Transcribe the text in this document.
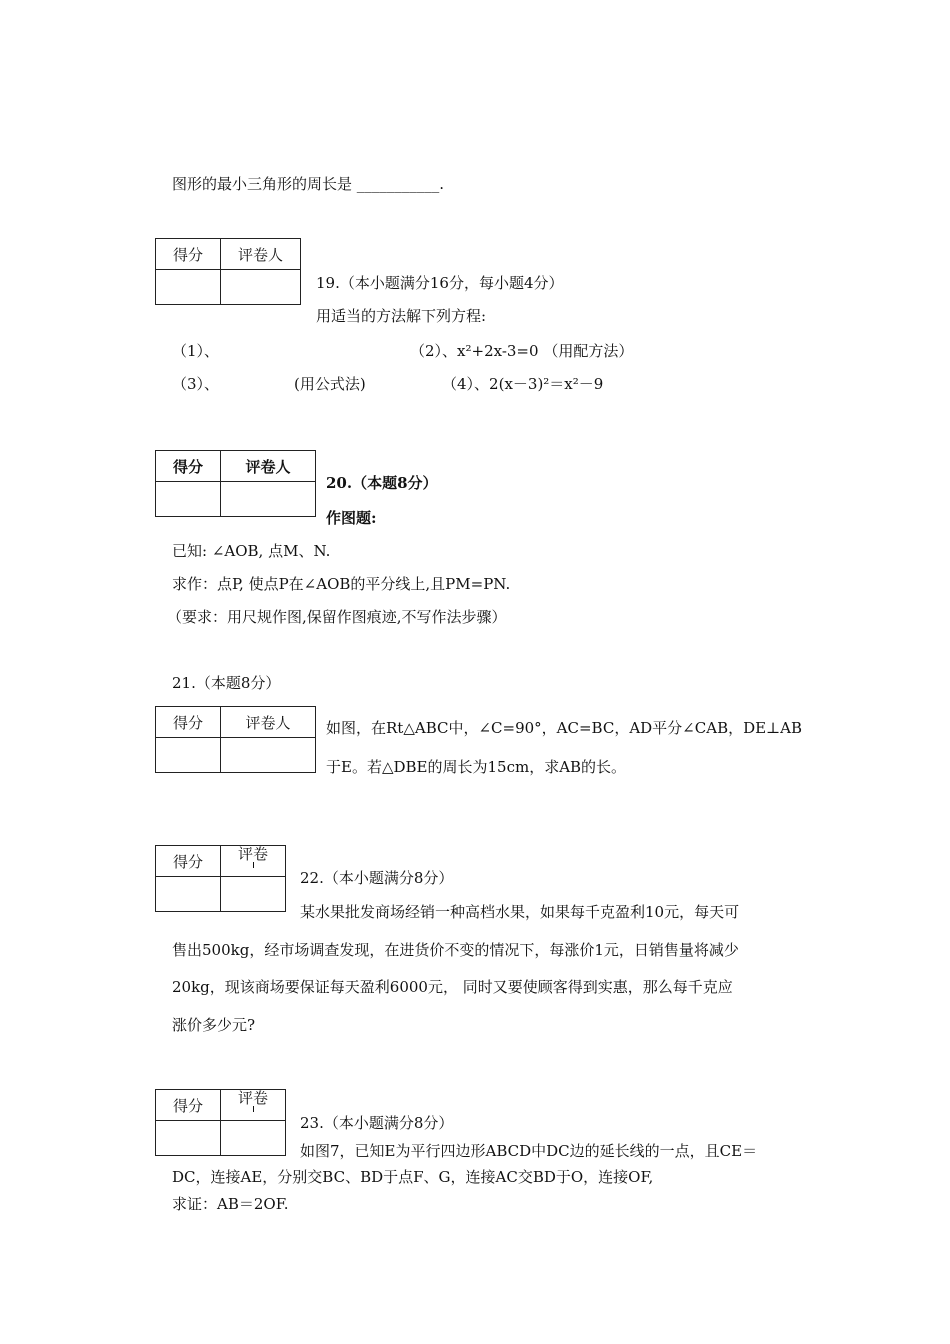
图形的最小三角形的周长是 ___________.
得分	评卷人

19.（本小题满分16分，每小题4分）
用适当的方法解下列方程:
（1）、	（2）、x²+2x-3=0 （用配方法）
（3）、	(用公式法)	（4）、2(x－3)²＝x²－9
得分	评卷人

20.（本题8分）
作图题:
已知: ∠AOB, 点M、N.
求作：点P, 使点P在∠AOB的平分线上,且PM=PN.
（要求：用尺规作图,保留作图痕迹,不写作法步骤）
21.（本题8分）
得分	评卷人
	如图，在Rt△ABC中，∠C=90°，AC=BC，AD平分∠CAB，DE⊥AB
于E。若△DBE的周长为15cm，求AB的长。
得分	评卷

22.（本小题满分8分）
某水果批发商场经销一种高档水果，如果每千克盈利10元，每天可
售出500kg，经市场调查发现，在进货价不变的情况下，每涨价1元，日销售量将减少
20kg，现该商场要保证每天盈利6000元， 同时又要使顾客得到实惠，那么每千克应
涨价多少元?
得分	评卷

23.（本小题满分8分）
如图7，已知E为平行四边形ABCD中DC边的延长线的一点，且CE＝
DC，连接AE，分别交BC、BD于点F、G，连接AC交BD于O，连接OF,
求证：AB＝2OF.
